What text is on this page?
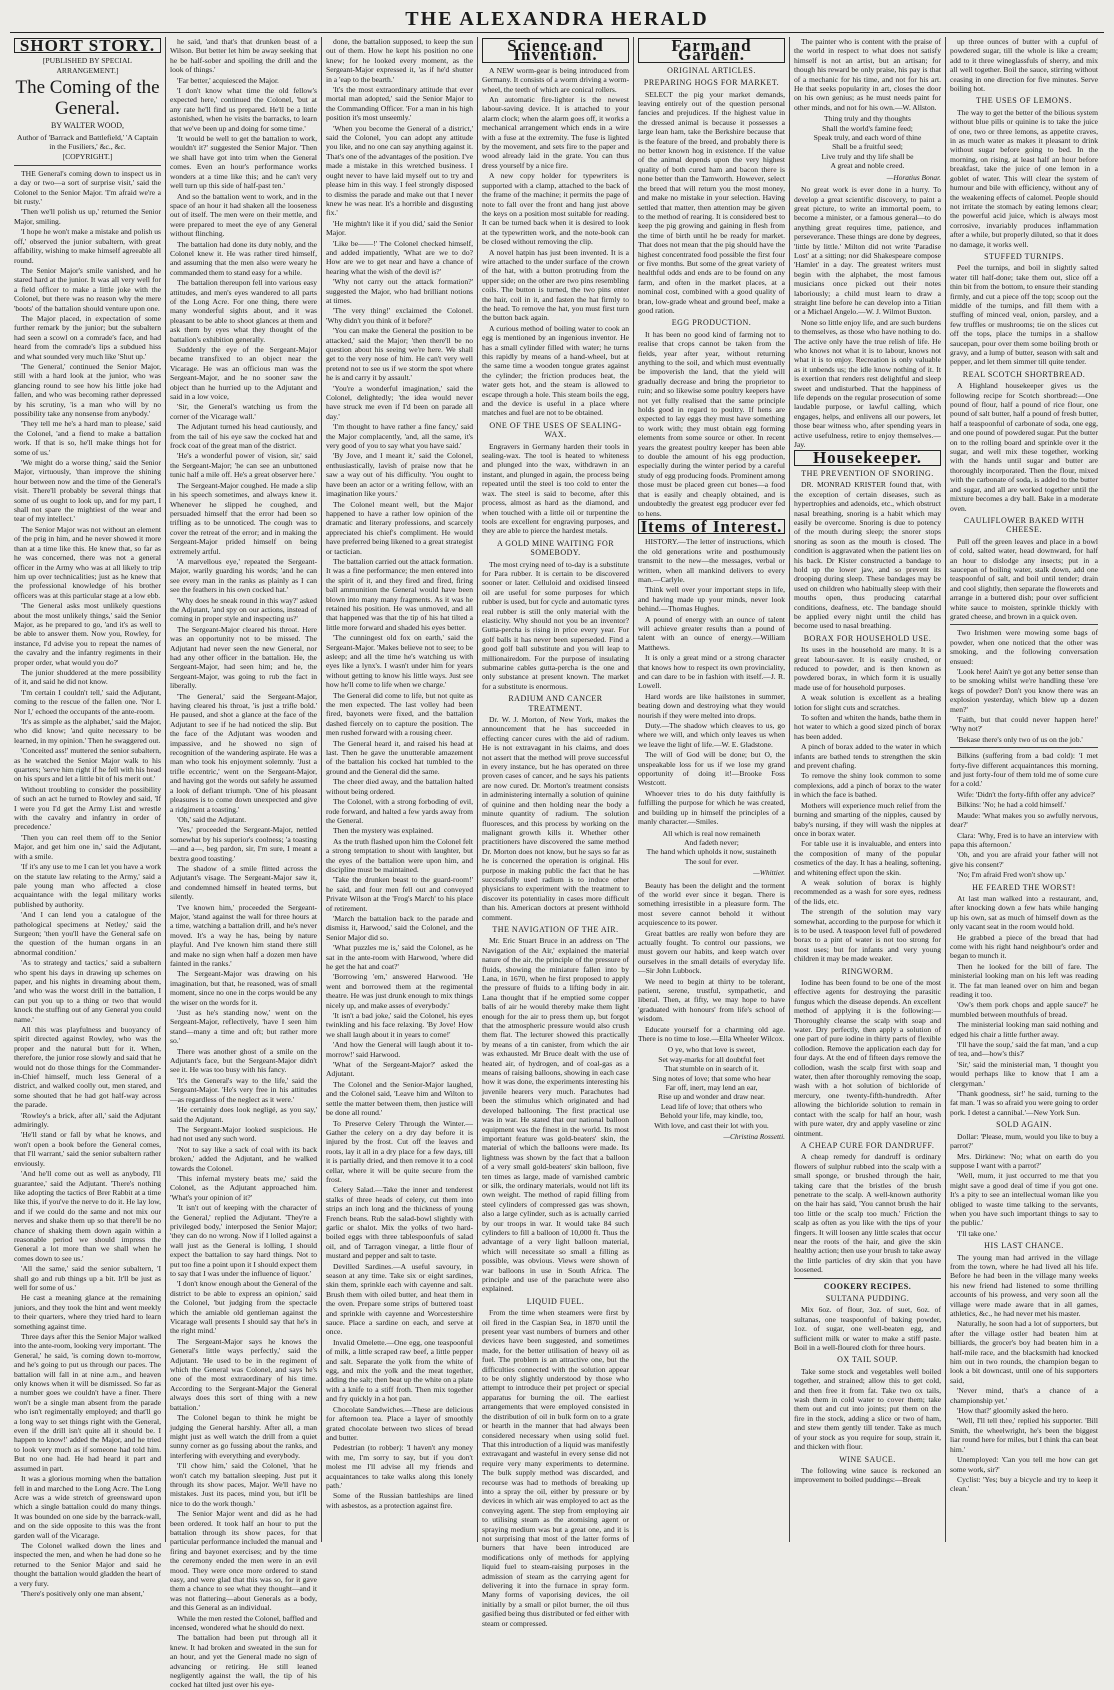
THE ALEXANDRA HERALD
SHORT STORY.
[PUBLISHED BY SPECIAL ARRANGEMENT.]
The Coming of the General.
BY WALTER WOOD,
Author of 'Barrack and Battlefield,' 'A Captain in the Fusiliers,' &c., &c.
[COPYRIGHT.]

THE General's coming down to inspect us in a day or two—a sort of surprise visit,' said the Colonel to the Senior Major. 'I'm afraid we're a bit rusty.'

'Then we'll polish us up,' returned the Senior Major, smiling.

'I hope he won't make a mistake and polish us off,' observed the junior subaltern, with great affability, wishing to make himself agreeable all round.

The Senior Major's smile vanished, and he stared hard at the junior. It was all very well for a field officer to make a little joke with the Colonel, but there was no reason why the mere 'boots' of the battalion should venture upon one.

The Major placed, in expectation of some further remark by the junior; but the subaltern had seen a scowl on a comrade's face, and had heard from the comrade's lips a subdued hiss and what sounded very much like 'Shut up.'

'The General,' continued the Senior Major, still with a hard look at the junior, who was glancing round to see how his little joke had fallen, and who was becoming rather depressed by his scrutiny, 'is a man who will by no possibility take any nonsense from anybody.'

'They tell me he's a hard man to please,' said the Colonel, 'and a fiend to make a battalion work. If that is so, he'll make things hot for some of us.'

'We might do a worse thing,' said the Senior Major, virtuously, 'than improve the shining hour between now and the time of the General's visit. There'll probably be several things that some of us ought to look up, and for my part, I shall not spare the mightiest of the wear and tear of my intellect.'

The Senior Major was not without an element of the prig in him, and he never showed it more than at a time like this. He knew that, so far as he was concerned, there was not a general officer in the Army who was at all likely to trip him up over technicalities; just as he knew that the professional knowledge of his brother officers was at this particular stage at a low ebb.

'The General asks most unlikely questions about the most unlikely things,' said the Senior Major, as he prepared to go, 'and it's as well to be able to answer them. Now you, Rowley, for instance, I'd advise you to repeat the names of the cavalry and the infantry regiments in their proper order, what would you do?'

The junior shuddered at the mere possibility of it, and said he did not know.

'I'm certain I couldn't tell,' said the Adjutant, coming to the rescue of the fallen one. 'Nor I. Nor I,' echoed the occupants of the ante-room.

'It's as simple as the alphabet,' said the Major, who did know; 'and quite necessary to be learned, in my opinion.' Then he swaggered out.

'Conceited ass!' muttered the senior subaltern, as he watched the Senior Major walk to his quarters; 'serve him right if he fell with his head on his spurs and let a little bit of his merit out.'

Without troubling to consider the possibility of such an act he turned to Rowley and said, 'If I were you I'd get the Army List and wrestle with the cavalry and infantry in order of precedence.'

'Then you can reel them off to the Senior Major, and get him one in,' said the Adjutant, with a smile.

'If it's any use to me I can let you have a work on the statute law relating to the Army,' said a pale young man who affected a close acquaintance with the legal military works published by authority.

'And I can lend you a catalogue of the pathological specimens at Netley,' said the Surgeon; 'then you'll have the General safe on the question of the human organs in an abnormal condition.'

'As to strategy and tactics,' said a subaltern who spent his days in drawing up schemes on paper, and his nights in dreaming about them, 'and who was the worst drill in the battalion, I can put you up to a thing or two that would knock the stuffing out of any General you could name.'

All this was playfulness and buoyancy of spirit directed against Rowley, who was the proper and the natural butt for it. When, therefore, the junior rose slowly and said that he would not do those things for the Commander-in-Chief himself, much less General of a district, and walked coolly out, men stared, and some shouted that he had got half-way across the parade.

'Rowley's a brick, after all,' said the Adjutant admiringly.

'He'll stand or fall by what he knows, and won't open a book before the General comes, that I'll warrant,' said the senior subaltern rather enviously.

'And he'll come out as well as anybody, I'll guarantee,' said the Adjutant. 'There's nothing like adopting the tactics of Brer Rabbit at a time like this, if you've the nerve to do it. He lay low, and if we could do the same and not mix our nerves and shake them up so that there'll be no chance of shaking them down again within a reasonable period we should impress the General a lot more than we shall when he comes down to see us.'

'All the same,' said the senior subaltern, 'I shall go and rub things up a bit. It'll be just as well for some of us.'

He cast a meaning glance at the remaining juniors, and they took the hint and went meekly to their quarters, where they tried hard to learn something against time.

Three days after this the Senior Major walked into the ante-room, looking very important. 'The General,' he said, 'is coming down to-morrow, and he's going to put us through our paces. The battalion will fall in at nine a.m., and heaven only knows when it will be dismissed. So far as a number goes we couldn't have a finer. There won't be a single man absent from the parade who isn't regimentally employed; and that'll go a long way to set things right with the General, even if the drill isn't quite all it should be. I happen to know!' added the Major, and he tried to look very much as if someone had told him. But no one had. He had heard it part and assumed in part.

It was a glorious morning when the battalion fell in and marched to the Long Acre. The Long Acre was a wide stretch of greensward upon which a single battalion could do many things. It was bounded on one side by the barrack-wall, and on the side opposite to this was the front garden wall of the Vicarage.

The Colonel walked down the lines and inspected the men, and when he had done so he returned to the Senior Major and said he thought the battalion would gladden the heart of a very fury.

'There's positively only one man absent,'

he said, 'and that's that drunken beast of a Wilson. But better let him be away seeking that he be half-sober and spoiling the drill and the look of things.'

'Far better,' acquiesced the Major.

'I don't know what time the old fellow's expected here,' continued the Colonel, 'but at any rate he'll find us prepared. He'll be a little astonished, when he visits the barracks, to learn that we've been up and doing for some time.'

'It would be well to get the battalion to work, wouldn't it?' suggested the Senior Major. 'Then we shall have got into trim when the General comes. Even an hour's performance works wonders at a time like this; and he can't very well turn up this side of half-past ten.'

And so the battalion went to work, and in the space of an hour it had shaken all the looseness out of itself. The men were on their mettle, and were prepared to meet the eye of any General without flinching.

The battalion had done its duty nobly, and the Colonel knew it. He was rather tired himself, and assuming that the men also were weary he commanded them to stand easy for a while.

The battalion thereupon fell into various easy attitudes, and men's eyes wandered to all parts of the Long Acre. For one thing, there were many wonderful sights about, and it was pleasant to be able to shoot glances at them and ask them by eyes what they thought of the battalion's exhibition generally.

Suddenly the eye of the Sergeant-Major became transfixed to an object near the Vicarage. He was an officious man was the Sergeant-Major, and he no sooner saw the object than he hurried up to the Adjutant and said in a low voice,

'Sir, the General's watching us from the corner of the Vicarage wall.'

The Adjutant turned his head cautiously, and from the tail of his eye saw the cocked hat and frock coat of the great man of the district.

'He's a wonderful power of vision, sir,' said the Sergeant-Major; 'he can see an unbuttoned tunic half a mile off. He's a great observer here.'

The Sergeant-Major coughed. He made a slip in his speech sometimes, and always knew it. Whenever he slipped he coughed, and persuaded himself that the error had been so trifling as to be unnoticed. The cough was to cover the retreat of the error; and in making the Sergeant-Major prided himself on being extremely artful.

'A marvellous eye,' repeated the Sergeant-Major, warily guarding his words; 'and he can see every man in the ranks as plainly as I can see the feathers in his own cocked hat.'

'Why does he sneak round in this way?' asked the Adjutant, 'and spy on our actions, instead of coming in proper style and inspecting us?'

The Sergeant-Major cleared his throat. Here was an opportunity not to be missed. The Adjutant had never seen the new General, nor had any other officer in the battalion. He, the Sergeant-Major, had seen him; and he, the Sergeant-Major, was going to rub the fact in liberally.

'The General,' said the Sergeant-Major, having cleared his throat, 'is just a trifle bold.' He paused, and shot a glance at the face of the Adjutant to see if he had noticed the slip. But the face of the Adjutant was wooden and impassive, and he showed no sign of recognition of the wandering aspirate. He was a man who took his enjoyment solemnly. 'Just a trifle eccentric,' went on the Sergeant-Major, and having got the words out safely he assumed a look of defiant triumph. 'One of his pleasant pleasures is to come down unexpected and give a ridgiment a toasting.'

'Oh,' said the Adjutant.

'Yes,' proceeded the Sergeant-Major, nettled somewhat by his superior's coolness; 'a toasting—and a—, beg pardon, sir, I'm sure, I meant a bextra good toasting.'

The shadow of a smile flitted across the Adjutant's visage. The Sergeant-Major saw it, and condemned himself in heated terms, but silently.

'I've known him,' proceeded the Sergeant-Major, 'stand against the wall for three hours at a time, watching a battalion drill, and he's never moved. It's a way he has, being by nature playful. And I've known him stand there still and make no sign when half a dozen men have fainted in the ranks.'

The Sergeant-Major was drawing on his imagination, but that, he reasoned, was of small moment, since no one in the corps would be any the wiser on the words for it.

'Just as he's standing now,' went on the Sergeant-Major, reflectively, 'have I seen him stand—many a time and oft; but rather more so.'

There was another ghost of a smile on the Adjutant's face, but the Sergeant-Major didn't see it. He was too busy with his fancy.

'It's the General's way to the life,' said the Sergeant-Major. 'He's very free in his attitudes—as regardless of the neglect as it were.'

'He certainly does look negligé, as you say,' said the Adjutant.

The Sergeant-Major looked suspicious. He had not used any such word.

'Not to say like a sack of coal with its back broken,' added the Adjutant, and he walked towards the Colonel.

'This infernal mystery beats me,' said the Colonel, as the Adjutant approached him. 'What's your opinion of it?'

'It isn't out of keeping with the character of the General,' replied the Adjutant. 'They're a privileged body,' interposed the Senior Major; 'they can do no wrong. Now if I lolled against a wall just as the General is lolling, I should expect the battalion to say hard things. Not to put too fine a point upon it I should expect them to say that I was under the influence of liquor.'

'I don't know enough about the General of the district to be able to express an opinion,' said the Colonel, 'but judging from the spectacle which the amiable old gentleman against the Vicarage wall presents I should say that he's in the right mind.'

The Sergeant-Major says he knows the General's little ways perfectly,' said the Adjutant. 'He used to be in the regiment of which the General was Colonel, and says he's one of the most extraordinary of his time. According to the Sergeant-Major the General always does this sort of thing with a new battalion.'

The Colonel began to think he might be judging the General harshly. After all, a man might just as well watch the drill from a quiet sunny corner as go fussing about the ranks, and interfering with everything and everybody.

'I'll chow him,' said the Colonel, 'that he won't catch my battalion sleeping. Just put it through its show paces, Major. We'll have no mistakes. Just its paces, mind you, but it'll be nice to do the work though.'

The Senior Major went and did as he had been ordered. It took half an hour to put the battalion through its show paces, for that particular performance included the manual and firing and bayonet exercises; and by the time the ceremony ended the men were in an evil mood. They were once more ordered to stand easy, and were glad that this was so, for it gave them a chance to see what they thought—and it was not flattering—about Generals as a body, and this General as an individual.

While the men rested the Colonel, baffled and incensed, wondered what he should do next.

The battalion had been put through all it knew. It had broken and sweated in the sun for an hour, and yet the General made no sign of advancing or retiring. He still leaned negligently against the wall, the tip of his cocked hat tilted just over his eye-

done, the battalion supposed, to keep the sun out of them. How he kept his position no one knew; for he looked every moment, as the Sergeant-Major expressed it, 'as if he'd shutter in a 'eap to the bearth.'

'It's the most extraordinary attitude that ever mortal man adopted,' said the Senior Major to the Commanding Officer. 'For a man in his high position it's most unseemly.'

'When you become the General of a district,' said the Colonel, 'you can adopt any attitude you like, and no one can say anything against it. That's one of the advantages of the position. I've made a mistake in this wretched business. I ought never to have laid myself out to try and please him in this way. I feel strongly disposed to dismiss the parade and make out that I never knew he was near. It's a horrible and disgusting fix.'

'He mightn't like it if you did,' said the Senior Major.

'Like be——!' The Colonel checked himself, and added impatiently, 'What are we to do? How are we to get near and have a chance of hearing what the wish of the devil is?'

'Why not carry out the attack formation?' suggested the Major, who had brilliant notions at times.

'The very thing!' exclaimed the Colonel. 'Why didn't you think of it before?'

'You can make the General the position to be attacked,' said the Major; 'then there'll be no question about his seeing we're here. We shall get to the very nose of him. He can't very well pretend not to see us if we storm the spot where he is and carry it by assault.'

'You're a wonderful imagination,' said the Colonel, delightedly; 'the idea would never have struck me even if I'd been on parade all day.'

'I'm thought to have rather a fine fancy,' said the Major complacently, 'and, all the same, it's very good of you to say what you have said.'

'By Jove, and I meant it,' said the Colonel, enthusiastically, lavish of praise now that he saw a way out of his difficulty. 'You ought to have been an actor or a writing fellow, with an imagination like yours.'

The Colonel meant well, but the Major happened to have a rather low opinion of the dramatic and literary professions, and scarcely appreciated his chief's compliment. He would have preferred being likened to a great strategist or tactician.

The battalion carried out the attack formation. It was a fine performance; the men entered into the spirit of it, and they fired and fired, firing ball ammunition the General would have been blown into many many fragments. As it was he retained his position. He was unmoved, and all that happened was that the tip of his hat tilted a little more forward and shaded his eyes better.

'The cunningest old fox on earth,' said the Sergeant-Major. 'Makes believe not to see; to be asleep; and all the time he's watching us with eyes like a lynx's. I wasn't under him for years without getting to know his little ways. Just see how he'll come to life when we charge.'

The General did come to life, but not quite as the men expected. The last volley had been fired, bayonets were fixed, and the battalion dashed fiercely on to capture the position. The men rushed forward with a rousing cheer.

The General heard it, and raised his head at last. Then he gave the unutterable amazement of the battalion his cocked hat tumbled to the ground and the General did the same.

The cheer died away, and the battalion halted without being ordered.

The Colonel, with a strong forboding of evil, rode forward, and halted a few yards away from the General.

Then the mystery was explained.

As the truth flashed upon him the Colonel felt a strong temptation to shout with laughter, but the eyes of the battalion were upon him, and discipline must be maintained.

'Take the drunken beast to the guard-room!' he said, and four men fell out and conveyed Private Wilson at the 'Frog's March' to his place of retirement.

'March the battalion back to the parade and dismiss it, Harwood,' said the Colonel, and the Senior Major did so.

'What puzzles me is,' said the Colonel, as he sat in the ante-room with Harwood, 'where did he get the hat and coat?'

'Borrowing 'em,' answered Harwood. 'He went and borrowed them at the regimental theatre. He was just drunk enough to mix things nicely up, and make asses of everybody.'

'It isn't a bad joke,' said the Colonel, his eyes twinkling and his face relaxing. 'By Jove! How we shall laugh about it in years to come!'

'And how the General will laugh about it to-morrow!' said Harwood.

'What of the Sergeant-Major?' asked the Adjutant.

The Colonel and the Senior-Major laughed, and the Colonel said, 'Leave him and Wilton to settle the matter between them, then justice will be done all round.'

To Preserve Celery Through the Winter.—Gather the celery on a dry day before it is injured by the frost. Cut off the leaves and roots, lay it all in a dry place for a few days, till it is partially dried, and then remove it to a cool cellar, where it will be quite secure from the frost.

Celery Salad.—Take the inner and tenderest stalks of three heads of celery, cut them into strips an inch long and the thickness of young French beans. Rub the salad-bowl slightly with garlic or shalot. Mix the yolks of two hard-boiled eggs with three tablespoonfuls of salad oil, and of Tarragon vinegar, a little flour of mustard and pepper and salt to taste.

Devilled Sardines.—A useful savoury, in season at any time. Take six or eight sardines, skin them, sprinkle each with cayenne and salt. Brush them with oiled butter, and heat them in the oven. Prepare some strips of buttered toast and sprinkle with cayenne and Worcestershire sauce. Place a sardine on each, and serve at once.

Invalid Omelette.—One egg, one teaspoonful of milk, a little scraped raw beef, a little pepper and salt. Separate the yolk from the white of egg, and mix the yolk and the meat together, adding the salt; then beat up the white on a plate with a knife to a stiff froth. Then mix together and fry quickly in a hot pan.

Chocolate Sandwiches.—These are delicious for afternoon tea. Place a layer of smoothly grated chocolate between two slices of bread and butter.

Pedestrian (to robber): 'I haven't any money with me, I'm sorry to say, but if you don't molest me I'll advise all my friends and acquaintances to take walks along this lonely path.'

Some of the Russian battleships are lined with asbestos, as a protection against fire.

Science and Invention.

A NEW worm-gear is being introduced from Germany. It consists of a worm driving a worm-wheel, the teeth of which are conical rollers.

An automatic fire-lighter is the newest labour-saving device. It is attached to your alarm clock; when the alarm goes off, it works a mechanical arrangement which ends in a wire with a fuse at the extremity. The fuse is lighted by the movement, and sets fire to the paper and wood already laid in the grate. You can thus dress yourself by a nice fire.

A new copy holder for typewriters is supported with a clamp, attached to the back of the frame of the machine; it permits the page of note to fall over the front and hang just above the keys on a position most suitable for reading. It can be turned back when it is desired to look at the typewritten work, and the note-book can be closed without removing the clip.

A novel hatpin has just been invented. It is a wire attached to the under surface of the crown of the hat, with a button protruding from the upper side; on the other are two pins resembling coils. The button is turned, the two pins enter the hair, coil in it, and fasten the hat firmly to the head. To remove the hat, you must first turn the button back again.

A curious method of boiling water to cook an egg is mentioned by an ingenious inventor. He has a small cylinder filled with water; he turns this rapidly by means of a hand-wheel, but at the same time a wooden tongue grates against the cylinder; the friction produces heat, the water gets hot, and the steam is allowed to escape through a hole. This steam boils the egg, and the device is useful in a place where matches and fuel are not to be obtained.

ONE OF THE USES OF SEALING-WAX.

Engravers in Germany harden their tools in sealing-wax. The tool is heated to whiteness and plunged into the wax, withdrawn in an instant, and plunged in again, the process being repeated until the steel is too cold to enter the wax. The steel is said to become, after this process, almost as hard as the diamond, and when touched with a little oil or turpentine the tools are excellent for engraving purposes, and they are able to pierce the hardest metals.

A GOLD MINE WAITING FOR SOMEBODY.

The most crying need of to-day is a substitute for Para rubber. It is certain to be discovered sooner or later. Celluloid and oxidised linseed oil are useful for some purposes for which rubber is used, but for cycle and automatic tyres real rubber is still the only material with the elasticity. Why should not you be an inventor? Gutta-percha is rising in price every year. For golf balls it has never been superseded. Find a good golf ball substitute and you will leap to millionairedom. For the purpose of insulating submarine cables gutta-percha is the one and only substance at present known. The market for a substitute is enormous.

RADIUM AND CANCER TREATMENT.

Dr. W. J. Morton, of New York, makes the announcement that he has succeeded in effecting cancer cures with the aid of radium. He is not extravagant in his claims, and does not assert that the method will prove successful in every instance, but he has operated on three proven cases of cancer, and he says his patients are now cured. Dr. Morton's treatment consists in administering internally a solution of quinine of quinine and then holding near the body a minute quantity of radium. The solution fluoresces, and this process by working on the malignant growth kills it. Whether other practitioners have discovered the same method Dr. Morton does not know, but he says so far as he is concerned the operation is original. His purpose in making public the fact that he has successfully used radium is to induce other physicians to experiment with the treatment to discover its potentiality in cases more difficult than his. American doctors at present withhold comment.

THE NAVIGATION OF THE AIR.

Mr. Eric Stuart Bruce in an address on 'The Navigation of the Air,' explained the material nature of the air, the principle of the pressure of fluids, showing the miniature fallen into by Lana, in 1670, when he first proposed to apply the pressure of fluids to a lifting body in air. Lana thought that if he emptied some copper balls of air he would thereby make them light enough for the air to press them up, but forgot that the atmospheric pressure would also crush them flat. The lecturer showed this practically by means of a tin canister, from which the air was exhausted. Mr Bruce dealt with the use of heated air, of hydrogen, and of coal-gas as a means of raising balloons, showing in each case how it was done, the experiments interesting his juvenile hearers very much. Parachutes had been the stimulus which originated and had developed ballooning. The first practical use was in war. He stated that our national balloon equipment was the finest in the world. Its most important feature was gold-beaters' skin, the material of which the balloons were made. Its lightness was shown by the fact that a balloon of a very small gold-beaters' skin balloon, five ten times as large, made of varnished cambric or silk, the ordinary materials, would not lift its own weight. The method of rapid filling from steel cylinders of compressed gas was shown, also a large cylinder, such as is actually carried by our troops in war. It would take 84 such cylinders to fill a balloon of 10,000 ft. Thus the advantage of a very light balloon material, which will necessitate so small a filling as possible, was obvious. Views were shown of war balloons in use in South Africa. The principle and use of the parachute were also explained.

LIQUID FUEL.

From the time when steamers were first by oil fired in the Caspian Sea, in 1870 until the present year vast numbers of burners and other devices have been suggested, and sometimes made, for the better utilisation of heavy oil as fuel. The problem is an attractive one, but the difficulties connected with the solution appear to be only slightly understood by those who attempt to introduce their pet project or special apparatus for burning the oil. The earliest arrangements that were employed consisted in the distribution of oil in bulk form on to a grate or hearth in the manner that had always been considered necessary when using solid fuel. That this introduction of a liquid was manifestly extravagant and wasteful in every sense did not require very many experiments to determine. The bulk supply method was discarded, and recourse was had to methods of breaking up into a spray the oil, either by pressure or by devices in which air was employed to act as the conveying agent. The step from employing air to utilising steam as the atomising agent or spraying medium was but a great one, and it is not surprising that most of the latter forms of burners that have been introduced are modifications only of methods for applying liquid fuel to steam-raising purposes in the admission of steam as the carrying agent for delivering it into the furnace in spray form. Many forms of vaporising devices, the oil initially by a small or pilot burner, the oil thus gasified being thus distributed or fed either with steam or compressed.

Farm and Garden.
ORIGINAL ARTICLES.
PREPARING HOGS FOR MARKET.

SELECT the pig your market demands, leaving entirely out of the question personal fancies and prejudices. If the highest value in the dressed animal is because it possesses a large lean ham, take the Berkshire because that is the feature of the breed, and probably there is no better known hog in existence. If the value of the animal depends upon the very highest quality of both cured ham and bacon there is none better than the Tamworth. However, select the breed that will return you the most money, and make no mistake in your selection. Having settled that matter, then attention may be given to the method of rearing. It is considered best to keep the pig growing and gaining in flesh from the time of birth until he be ready for market. That does not mean that the pig should have the highest concentrated food possible the first four or five months. But some of the great variety of healthful odds and ends are to be found on any farm, and often in the market places, at a nominal cost, combined with a good quality of bran, low-grade wheat and ground beef, make a good ration.

EGG PRODUCTION.

It has been no good kind of farming not to realise that crops cannot be taken from the fields, year after year, without returning anything to the soil, and which must eventually be impoverish the land, that the yield will gradually decrease and bring the proprietor to ruin; and so likewise some poultry keepers have not yet fully realised that the same principle holds good in regard to poultry. If hens are expected to lay eggs they must have something to work with; they must obtain egg forming elements from some source or other. In recent years the greatest poultry keeper has been able to double the amount of his egg production, especially during the winter period by a careful study of egg producing foods. Prominent among those must be placed green cut bones—a food that is easily and cheaply obtained, and is undoubtedly the greatest egg producer ever fed to hens.

Items of Interest.

HISTORY.—The letter of instructions, which the old generations write and posthumously transmit to the new—the messages, verbal or written, when all mankind delivers to every man.—Carlyle.

Think well over your important steps in life, and having made up your minds, never look behind.—Thomas Hughes.

A pound of energy with an ounce of talent will achieve greater results than a pound of talent with an ounce of energy.—William Matthews.

It is only a great mind or a strong character that knows how to respect its own provinciality, and can dare to be in fashion with itself.—J. R. Lowell.

Hard words are like hailstones in summer, beating down and destroying what they would nourish if they were melted into drops.

Duty.—The shadow which cleaves to us, go where we will, and which only leaves us when we leave the light of life.—W. E. Gladstone.

The will of God will be done; but O, the unspeakable loss for us if we lose my grand opportunity of doing it!—Brooke Foss Westcott.

Whoever tries to do his duty faithfully is fulfilling the purpose for which he was created, and building up in himself the principles of a manly character.—Smiles.

All which is real now remaineth
And fadeth never;
The hand which upholds it now, sustaineth
The soul for ever.
—Whittier.

Beauty has been the delight and the torment of the world ever since it began. There is something irresistible in a pleasure form. The most severe cannot behold it without acquiescence to its power.

Great battles are really won before they are actually fought. To control our passions, we must govern our habits, and keep watch over ourselves in the small details of everyday life.—Sir John Lubbock.

We need to begin at thirty to be tolerant, patient, serene, trustful, sympathetic, and liberal. Then, at fifty, we may hope to have 'graduated with honours' from life's school of wisdom.

Educate yourself for a charming old age. There is no time to lose.—Ella Wheeler Wilcox.

O ye, who that love is sweet,
Set way-marks for all doubtful feet
That stumble on in search of it.
Sing notes of love; that some who hear
Far off, inert, may lend an ear,
Rise up and wonder and draw near.
Lead life of love; that others who
Behold your life, may kindle, too,
With love, and cast their lot with you.
—Christina Rossetti.

The painter who is content with the praise of the world in respect to what does not satisfy himself is not an artist, but an artisan; for though his reward be only praise, his pay is that of a mechanic for his time, and not for his art. He that seeks popularity in art, closes the door on his own genius; as he must needs paint for other minds, and not for his own.—W. Allston.

Thing truly and thy thoughts
Shall the world's famine feed;
Speak truly, and each word of thine
Shall be a fruitful seed;
Live truly and thy life shall be
A great and noble creed.
—Horatius Bonar.

No great work is ever done in a hurry. To develop a great scientific discovery, to paint a great picture, to write an immortal poem, to become a minister, or a famous general—to do anything great requires time, patience, and perseverance. These things are done by degrees, 'little by little.' Milton did not write 'Paradise Lost' at a sitting; nor did Shakespeare compose 'Hamlet' in a day. The greatest writers must begin with the alphabet, the most famous musicians once picked out their notes laboriously; a child must learn to draw a straight line before he can develop into a Titian or a Michael Angelo.—W. J. Wilmot Buxton.

None so little enjoy life, and are such burdens to themselves, as those who have nothing to do. The active only have the true relish of life. He who knows not what it is to labour, knows not what it is to enjoy. Recreation is only valuable as it unbends us; the idle know nothing of it. It is exertion that renders rest delightful and sleep sweet and undisturbed. That the happiness of life depends on the regular prosecution of some laudable purpose, or lawful calling, which engages, helps, and enlivens all our powers, let those bear witness who, after spending years in active usefulness, retire to enjoy themselves.—Jay.

Housekeeper.
THE PREVENTION OF SNORING.

DR. MONRAD KRISTER found that, with the exception of certain diseases, such as hypertrophies and adenoids, etc., which obstruct nasal breathing, snoring is a habit which may easily be overcome. Snoring is due to potency of the mouth during sleep; the snorer stops snoring as soon as the mouth is closed. The condition is aggravated when the patient lies on his back. Dr Kister constructed a bandage to hold up the lower jaw, and so prevent its drooping during sleep. These bandages may be used on children who habitually sleep with their mouths open, thus producing catarrhal conditions, deafness, etc. The bandage should be applied every night until the child has become used to nasal breathing.

BORAX FOR HOUSEHOLD USE.

Its uses in the household are many. It is a great labour-saver. It is easily crushed, or reduced to powder, and is then known as powdered borax, in which form it is usually made use of for household purposes.

A weak solution is excellent as a healing lotion for slight cuts and scratches.

To soften and whiten the hands, bathe them in hot water to which a good sized pinch of borax has been added.

A pinch of borax added to the water in which infants are bathed tends to strengthen the skin and prevent chafing.

To remove the shiny look common to some complexions, add a pinch of borax to the water in which the face is bathed.

Mothers will experience much relief from the burning and smarting of the nipples, caused by baby's nursing, if they will wash the nipples at once in borax water.

For table use it is invaluable, and enters into the composition of many of the popular cosmetics of the day. It has a healing, softening, and whitening effect upon the skin.

A weak solution of borax is highly recommended as a wash for sore eyes, redness of the lids, etc.

The strength of the solution may vary somewhat, according to the purpose for which it is to be used. A teaspoon level full of powdered borax to a pint of water is not too strong for most uses; but for infants and very young children it may be made weaker.

RINGWORM.

Iodine has been found to be one of the most effective agents for destroying the parasitic fungus which the disease depends. An excellent method of applying it is the following:—Thoroughly cleanse the scalp with soap and water. Dry perfectly, then apply a solution of one part of pure iodine in thirty parts of flexible collodion. Remove the application each day for four days. At the end of fifteen days remove the collodion, wash the scalp first with soap and water, then after thoroughly removing the soap, wash with a hot solution of bichloride of mercury, one twenty-fifth-hundredth. After allowing the bichloride solution to remain in contact with the scalp for half an hour, wash with pure water, dry and apply vaseline or zinc ointment.

A CHEAP CURE FOR DANDRUFF.

A cheap remedy for dandruff is ordinary flowers of sulphur rubbed into the scalp with a small sponge, or brushed through the hair, taking care that the bristles of the brush penetrate to the scalp. A well-known authority on the hair has said, 'You cannot brush the hair too little or the scalp too much.' Friction the scalp as often as you like with the tips of your fingers. It will loosen any little scales that occur near the roots of the hair, and give the skin healthy action; then use your brush to take away the little particles of dry skin that you have loosened.

COOKERY RECIPES.
SULTANA PUDDING.

Mix 6oz. of flour, 3oz. of suet, 6oz. of sultanas, one teaspoonful of baking powder, 1oz. of sugar, one well-beaten egg, and sufficient milk or water to make a stiff paste. Boil in a well-floured cloth for three hours.

OX TAIL SOUP.

Take some stock and vegetables well boiled together, and strained; allow this to get cold, and then free it from fat. Take two ox tails, wash them in cold water to cover them; take them out and cut into joints; put them on the fire in the stock, adding a slice or two of ham, and stew them gently till tender. Take as much of your stock as you require for soup, strain it, and thicken with flour.

WINE SAUCE.

The following wine sauce is reckoned an improvement to boiled puddings:—Break

up three ounces of butter with a cupful of powdered sugar, till the whole is like a cream; add to it three wineglassfuls of sherry, and mix all well together. Boil the sauce, stirring without ceasing in one direction for five minutes. Serve boiling hot.

THE USES OF LEMONS.

The way to get the better of the bilious system without blue pills or quinine is to take the juice of one, two or three lemons, as appetite craves, in as much water as makes it pleasant to drink without sugar before going to bed. In the morning, on rising, at least half an hour before breakfast, take the juice of one lemon in a goblet of water. This will clear the system of humour and bile with efficiency, without any of the weakening effects of calomel. People should not irritate the stomach by eating lemons clear; the powerful acid juice, which is always most corrosive, invariably produces inflammation after a while, but properly diluted, so that it does no damage, it works well.

STUFFED TURNIPS.

Peel the turnips, and boil in slightly salted water till half-done; take them out, slice off a thin bit from the bottom, to ensure their standing firmly, and cut a piece off the top; scoop out the middle of the turnips, and fill them with a stuffing of minced veal, onion, parsley, and a few truffles or mushrooms; tie on the slices cut off the tops, place the turnips in a shallow saucepan, pour over them some boiling broth or gravy, and a lump of butter, season with salt and pepper, and let them simmer till quite tender.

REAL SCOTCH SHORTBREAD.

A Highland housekeeper gives us the following recipe for Scotch shortbread:—One pound of flour, half a pound of rice flour, one pound of salt butter, half a pound of fresh butter, half a teaspoonful of carbonate of soda, one egg, and one pound of powdered sugar. Put the butter on to the rolling board and sprinkle over it the sugar, and well mix these together, working with the hands until sugar and butter are thoroughly incorporated. Then the flour, mixed with the carbonate of soda, is added to the butter and sugar, and all are worked together until the mixture becomes a dry ball. Bake in a moderate oven.

CAULIFLOWER BAKED WITH CHEESE.

Pull off the green leaves and place in a bowl of cold, salted water, head downward, for half an hour to dislodge any insects; put in a saucepan of boiling water, stalk down, add one teaspoonful of salt, and boil until tender; drain and cool slightly, then separate the flowerets and arrange in a buttered dish; pour over sufficient white sauce to moisten, sprinkle thickly with grated cheese, and brown in a quick oven.

Two Irishmen were mowing some bags of powder, when one noticed that the other was smoking, and the following conversation ensued:

'Look here! Aain't ye got any better sense than to be smoking whilst we're handling these 'ere kegs of powder? Don't you know there was an explosion yesterday, which blew up a dozen men?'

'Faith, but that could never happen here!' 'Why not?'

'Bekase there's only two of us on the job.'

Bilkins (suffering from a bad cold): 'I met forty-five different acquaintances this morning, and just forty-four of them told me of some cure for a cold.'

Wife: 'Didn't the forty-fifth offer any advice?'

Bilkins: 'No; he had a cold himself.'

Maude: 'What makes you so awfully nervous, dear?'

Clara: 'Why, Fred is to have an interview with papa this afternoon.'

'Oh, and you are afraid your father will not give his consent?'

'No; I'm afraid Fred won't show up.'

HE FEARED THE WORST!

At last man walked into a restaurant, and, after knocking down a few hats while hanging up his own, sat as much of himself down as the only vacant seat in the room would hold.

He grabbed a piece of the bread that had come with his right hand neighbour's order and began to munch it.

Then he looked for the bill of fare. The ministerial looking man on his left was reading it. The fat man leaned over on him and began reading it too.

'Ow's them pork chops and apple sauce?' he mumbled between mouthfuls of bread.

The ministerial looking man said nothing and edged his chair a little further away.

'I'll have the soup,' said the fat man, 'and a cup of tea, and—how's this?'

'Sir,' said the ministerial man, 'I thought you would perhaps like to know that I am a clergyman.'

'Thank goodness, sir!' he said, turning to the fat man. 'I was so afraid you were going to order pork. I detest a cannibal.'—New York Sun.

SOLD AGAIN.

Dollar: 'Please, mum, would you like to buy a parrot?'

Mrs. Dirkinew: 'No; what on earth do you suppose I want with a parrot?'

'Well, mum, it just occurred to me that you might save a good deal of time if you got one. It's a pity to see an intellectual woman like you obliged to waste time talking to the servants, when you have such important things to say to the public.'

'I'll take one.'

HIS LAST CHANCE.

The young man had arrived in the village from the town, where he had lived all his life. Before he had been in the village many weeks his new friend had listened to some thrilling accounts of his prowess, and very soon all the village were made aware that in all games, athletics, &c., he had never met his master.

Naturally, he soon had a lot of supporters, but after the village ostler had beaten him at billiards, the grocer's boy had beaten him in a half-mile race, and the blacksmith had knocked him out in two rounds, the champion began to look a bit downcast, until one of his supporters said,

'Never mind, that's a chance of a championship yet.'

'How that?' gloomily asked the hero.

'Well, I'll tell thee,' replied his supporter. 'Bill Smith, the wheelwright, he's been the biggest liar round here for miles, but I think tha can beat him.'

Unemployed: 'Can you tell me how can get some work, sir?'

Cyclist: 'Yes; buy a bicycle and try to keep it clean.'
